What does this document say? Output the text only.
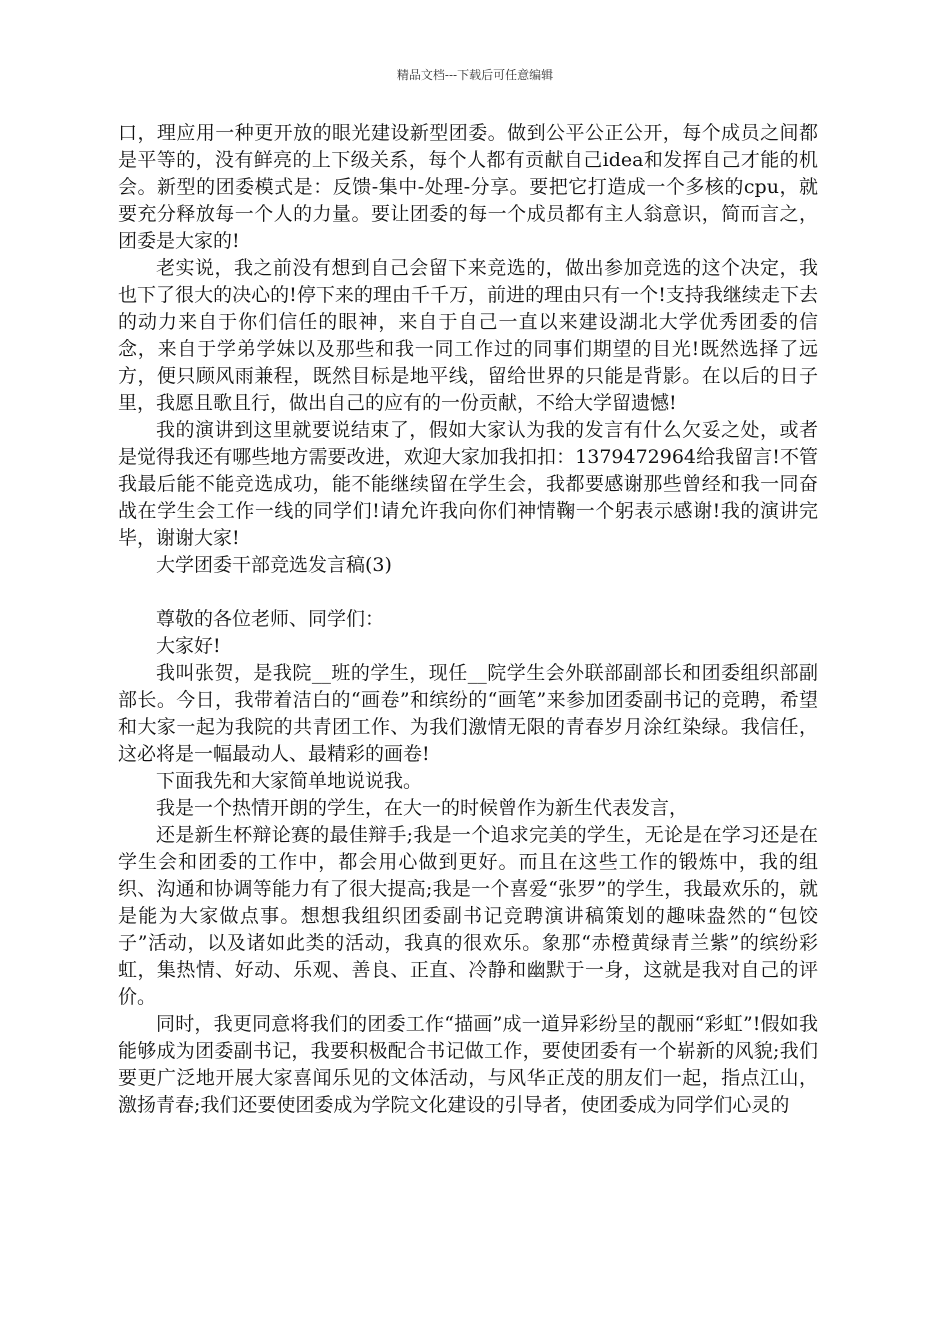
精品文档---下载后可任意编辑

口，理应用一种更开放的眼光建设新型团委。做到公平公正公开，每个成员之间都是平等的，没有鲜亮的上下级关系，每个人都有贡献自己idea和发挥自己才能的机会。新型的团委模式是：反馈-集中-处理-分享。要把它打造成一个多核的cpu，就要充分释放每一个人的力量。要让团委的每一个成员都有主人翁意识，简而言之，团委是大家的!

老实说，我之前没有想到自己会留下来竞选的，做出参加竞选的这个决定，我也下了很大的决心的!停下来的理由千千万，前进的理由只有一个!支持我继续走下去的动力来自于你们信任的眼神，来自于自己一直以来建设湖北大学优秀团委的信念，来自于学弟学妹以及那些和我一同工作过的同事们期望的目光!既然选择了远方，便只顾风雨兼程，既然目标是地平线，留给世界的只能是背影。在以后的日子里，我愿且歌且行，做出自己的应有的一份贡献，不给大学留遗憾!

我的演讲到这里就要说结束了，假如大家认为我的发言有什么欠妥之处，或者是觉得我还有哪些地方需要改进，欢迎大家加我扣扣：1379472964给我留言!不管我最后能不能竞选成功，能不能继续留在学生会，我都要感谢那些曾经和我一同奋战在学生会工作一线的同学们!请允许我向你们神情鞠一个躬表示感谢!我的演讲完毕，谢谢大家!

大学团委干部竞选发言稿(3)

尊敬的各位老师、同学们：

大家好!

我叫张贺，是我院__班的学生，现任__院学生会外联部副部长和团委组织部副部长。今日，我带着洁白的“画卷”和缤纷的“画笔”来参加团委副书记的竞聘，希望和大家一起为我院的共青团工作、为我们激情无限的青春岁月涂红染绿。我信任，这必将是一幅最动人、最精彩的画卷!

下面我先和大家简单地说说我。

我是一个热情开朗的学生，在大一的时候曾作为新生代表发言，

还是新生杯辩论赛的最佳辩手;我是一个追求完美的学生，无论是在学习还是在学生会和团委的工作中，都会用心做到更好。而且在这些工作的锻炼中，我的组织、沟通和协调等能力有了很大提高;我是一个喜爱“张罗”的学生，我最欢乐的，就是能为大家做点事。想想我组织团委副书记竞聘演讲稿策划的趣味盎然的“包饺子”活动，以及诸如此类的活动，我真的很欢乐。象那“赤橙黄绿青兰紫”的缤纷彩虹，集热情、好动、乐观、善良、正直、冷静和幽默于一身，这就是我对自己的评价。

同时，我更同意将我们的团委工作“描画”成一道异彩纷呈的靓丽“彩虹”!假如我能够成为团委副书记，我要积极配合书记做工作，要使团委有一个崭新的风貌;我们要更广泛地开展大家喜闻乐见的文体活动，与风华正茂的朋友们一起，指点江山，激扬青春;我们还要使团委成为学院文化建设的引导者，使团委成为同学们心灵的
